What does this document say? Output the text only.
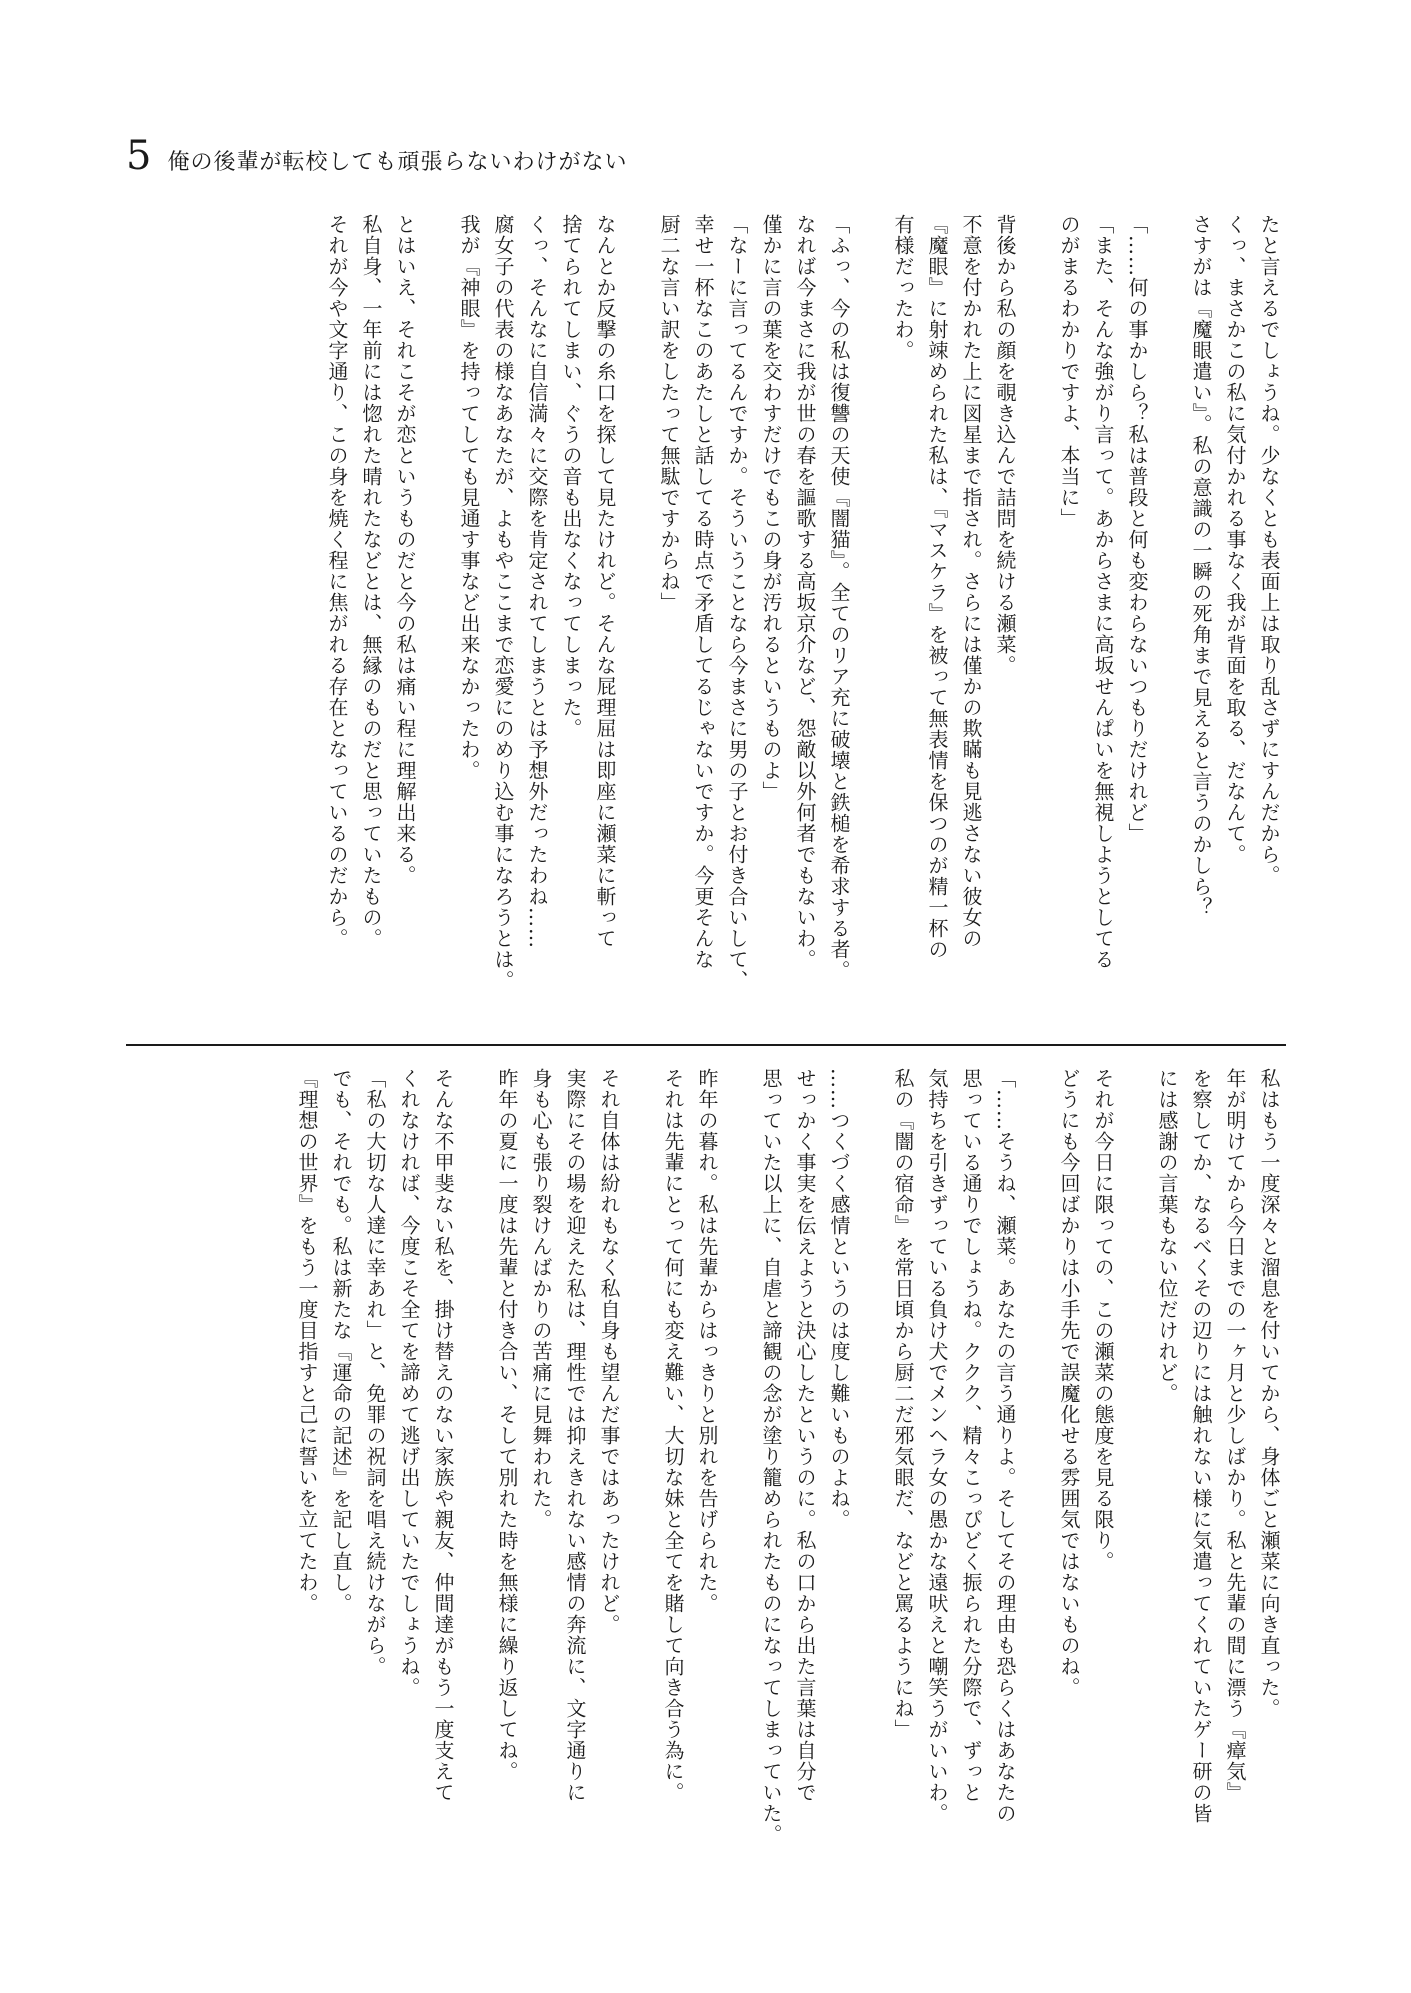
5 俺の後輩が転校しても頑張らないわけがない
たと言えるでしょうね。少なくとも表面上は取り乱さずにすんだから。
くっ、まさかこの私に気付かれる事なく我が背面を取る、だなんて。
さすがは『魔眼遣い』。私の意識の一瞬の死角まで見えると言うのかしら？
「……何の事かしら？私は普段と何も変わらないつもりだけれど」
「また、そんな強がり言って。あからさまに高坂せんぱいを無視しようとしてる
のがまるわかりですよ、本当に」
背後から私の顔を覗き込んで詰問を続ける瀬菜。
不意を付かれた上に図星まで指され。さらには僅かの欺瞞も見逃さない彼女の
『魔眼』に射竦められた私は、『マスケラ』を被って無表情を保つのが精一杯の
有様だったわ。
「ふっ、今の私は復讐の天使『闇猫』。全てのリア充に破壊と鉄槌を希求する者。
なれば今まさに我が世の春を謳歌する高坂京介など、怨敵以外何者でもないわ。
僅かに言の葉を交わすだけでもこの身が汚れるというものよ」
「なーに言ってるんですか。そういうことなら今まさに男の子とお付き合いして、
幸せ一杯なこのあたしと話してる時点で矛盾してるじゃないですか。今更そんな
厨二な言い訳をしたって無駄ですからね」
なんとか反撃の糸口を探して見たけれど。そんな屁理屈は即座に瀬菜に斬って
捨てられてしまい、ぐうの音も出なくなってしまった。
くっ、そんなに自信満々に交際を肯定されてしまうとは予想外だったわね……
腐女子の代表の様なあなたが、よもやここまで恋愛にのめり込む事になろうとは。
我が『神眼』を持ってしても見通す事など出来なかったわ。
とはいえ、それこそが恋というものだと今の私は痛い程に理解出来る。
私自身、一年前には惚れた晴れたなどとは、無縁のものだと思っていたもの。
それが今や文字通り、この身を焼く程に焦がれる存在となっているのだから。
私はもう一度深々と溜息を付いてから、身体ごと瀬菜に向き直った。
年が明けてから今日までの一ヶ月と少しばかり。私と先輩の間に漂う『瘴気』
を察してか、なるべくその辺りには触れない様に気遣ってくれていたゲー研の皆
には感謝の言葉もない位だけれど。
それが今日に限っての、この瀬菜の態度を見る限り。
どうにも今回ばかりは小手先で誤魔化せる雰囲気ではないものね。
「……そうね、瀬菜。あなたの言う通りよ。そしてその理由も恐らくはあなたの
思っている通りでしょうね。ククク、精々こっぴどく振られた分際で、ずっと
気持ちを引きずっている負け犬でメンヘラ女の愚かな遠吠えと嘲笑うがいいわ。
私の『闇の宿命』を常日頃から厨二だ邪気眼だ、などと罵るようにね」
……つくづく感情というのは度し難いものよね。
せっかく事実を伝えようと決心したというのに。私の口から出た言葉は自分で
思っていた以上に、自虐と諦観の念が塗り籠められたものになってしまっていた。
昨年の暮れ。私は先輩からはっきりと別れを告げられた。
それは先輩にとって何にも変え難い、大切な妹と全てを賭して向き合う為に。
それ自体は紛れもなく私自身も望んだ事ではあったけれど。
実際にその場を迎えた私は、理性では抑えきれない感情の奔流に、文字通りに
身も心も張り裂けんばかりの苦痛に見舞われた。
昨年の夏に一度は先輩と付き合い、そして別れた時を無様に繰り返してね。
そんな不甲斐ない私を、掛け替えのない家族や親友、仲間達がもう一度支えて
くれなければ、今度こそ全てを諦めて逃げ出していたでしょうね。
「私の大切な人達に幸あれ」と、免罪の祝詞を唱え続けながら。
でも、それでも。私は新たな『運命の記述』を記し直し。
『理想の世界』をもう一度目指すと己に誓いを立てたわ。
